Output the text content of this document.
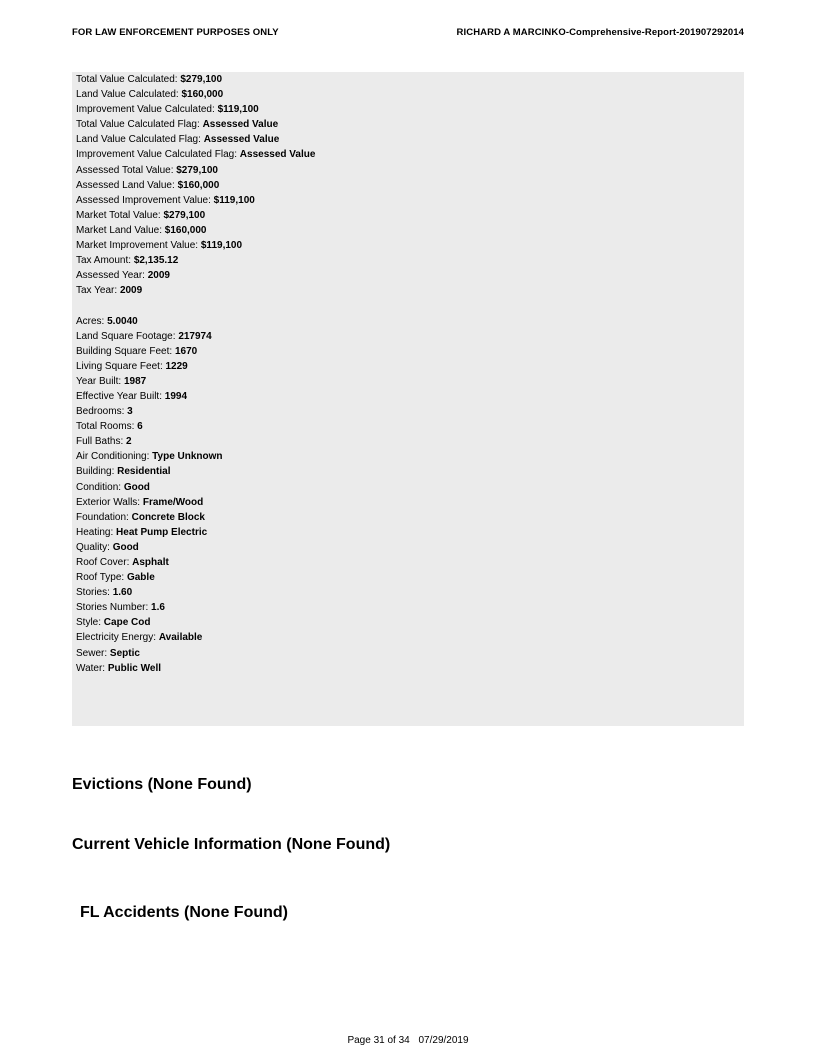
FOR LAW ENFORCEMENT PURPOSES ONLY	RICHARD A MARCINKO-Comprehensive-Report-201907292014
Total Value Calculated: $279,100
Land Value Calculated: $160,000
Improvement Value Calculated: $119,100
Total Value Calculated Flag: Assessed Value
Land Value Calculated Flag: Assessed Value
Improvement Value Calculated Flag: Assessed Value
Assessed Total Value: $279,100
Assessed Land Value: $160,000
Assessed Improvement Value: $119,100
Market Total Value: $279,100
Market Land Value: $160,000
Market Improvement Value: $119,100
Tax Amount: $2,135.12
Assessed Year: 2009
Tax Year: 2009
Acres: 5.0040
Land Square Footage: 217974
Building Square Feet: 1670
Living Square Feet: 1229
Year Built: 1987
Effective Year Built: 1994
Bedrooms: 3
Total Rooms: 6
Full Baths: 2
Air Conditioning: Type Unknown
Building: Residential
Condition: Good
Exterior Walls: Frame/Wood
Foundation: Concrete Block
Heating: Heat Pump Electric
Quality: Good
Roof Cover: Asphalt
Roof Type: Gable
Stories: 1.60
Stories Number: 1.6
Style: Cape Cod
Electricity Energy: Available
Sewer: Septic
Water: Public Well
Evictions (None Found)
Current Vehicle Information (None Found)
FL Accidents (None Found)
Page 31 of 34 07/29/2019
